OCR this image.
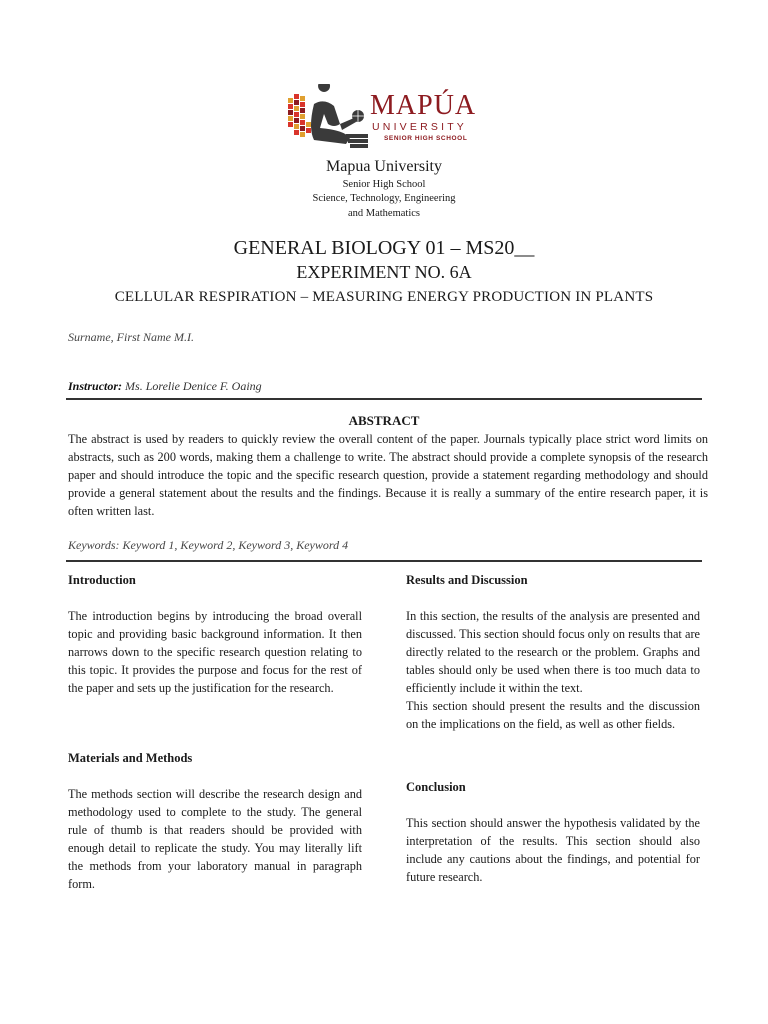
MAPÚA
UNIVERSITY
SENIOR HIGH SCHOOL
Mapua University
Senior High School
Science, Technology, Engineering
and Mathematics
GENERAL BIOLOGY 01 – MS20__
EXPERIMENT NO. 6A
CELLULAR RESPIRATION – MEASURING ENERGY PRODUCTION IN PLANTS
Surname, First Name M.I.
Instructor: Ms. Lorelie Denice F. Oaing
ABSTRACT
The abstract is used by readers to quickly review the overall content of the paper. Journals typically place strict word limits on abstracts, such as 200 words, making them a challenge to write. The abstract should provide a complete synopsis of the research paper and should introduce the topic and the specific research question, provide a statement regarding methodology and should provide a general statement about the results and the findings. Because it is really a summary of the entire research paper, it is often written last.
Keywords: Keyword 1, Keyword 2, Keyword 3, Keyword 4
Introduction
The introduction begins by introducing the broad overall topic and providing basic background information. It then narrows down to the specific research question relating to this topic. It provides the purpose and focus for the rest of the paper and sets up the justification for the research.
Materials and Methods
The methods section will describe the research design and methodology used to complete to the study. The general rule of thumb is that readers should be provided with enough detail to replicate the study. You may literally lift the methods from your laboratory manual in paragraph form.
Results and Discussion
In this section, the results of the analysis are presented and discussed. This section should focus only on results that are directly related to the research or the problem. Graphs and tables should only be used when there is too much data to efficiently include it within the text.
This section should present the results and the discussion on the implications on the field, as well as other fields.
Conclusion
This section should answer the hypothesis validated by the interpretation of the results. This section should also include any cautions about the findings, and potential for future research.
